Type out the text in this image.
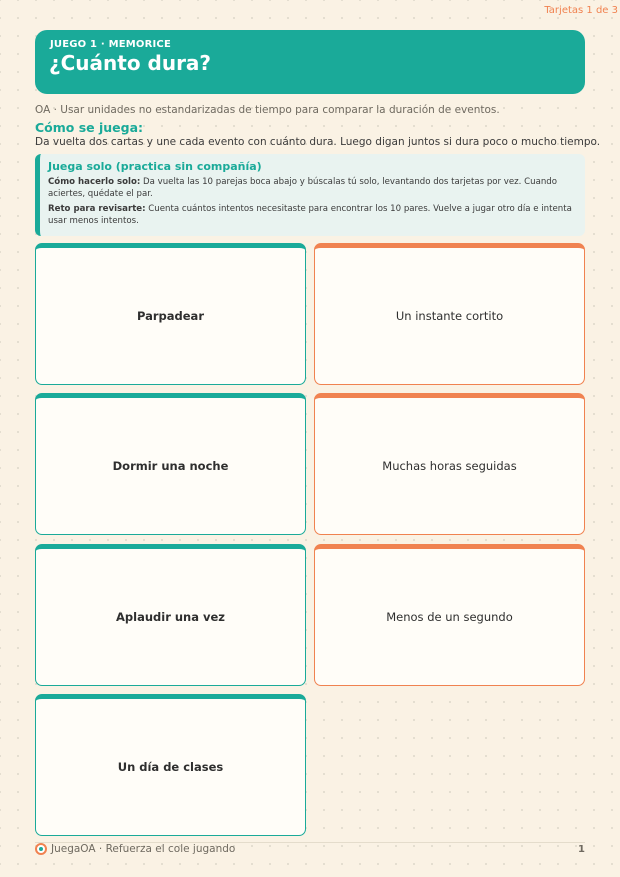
JUEGO 1 · MEMORICE
¿Cuánto dura?
Tarjetas 1 de 3
OA · Usar unidades no estandarizadas de tiempo para comparar la duración de eventos.
Cómo se juega:
Da vuelta dos cartas y une cada evento con cuánto dura. Luego digan juntos si dura poco o mucho tiempo.
Juega solo (practica sin compañía)
Cómo hacerlo solo: Da vuelta las 10 parejas boca abajo y búscalas tú solo, levantando dos tarjetas por vez. Cuando aciertes, quédate el par.
Reto para revisarte: Cuenta cuántos intentos necesitaste para encontrar los 10 pares. Vuelve a jugar otro día e intenta usar menos intentos.
Parpadear	Un instante cortito
Dormir una noche	Muchas horas seguidas
Aplaudir una vez	Menos de un segundo
Un día de clases
JuegaOA · Refuerza el cole jugando	1
